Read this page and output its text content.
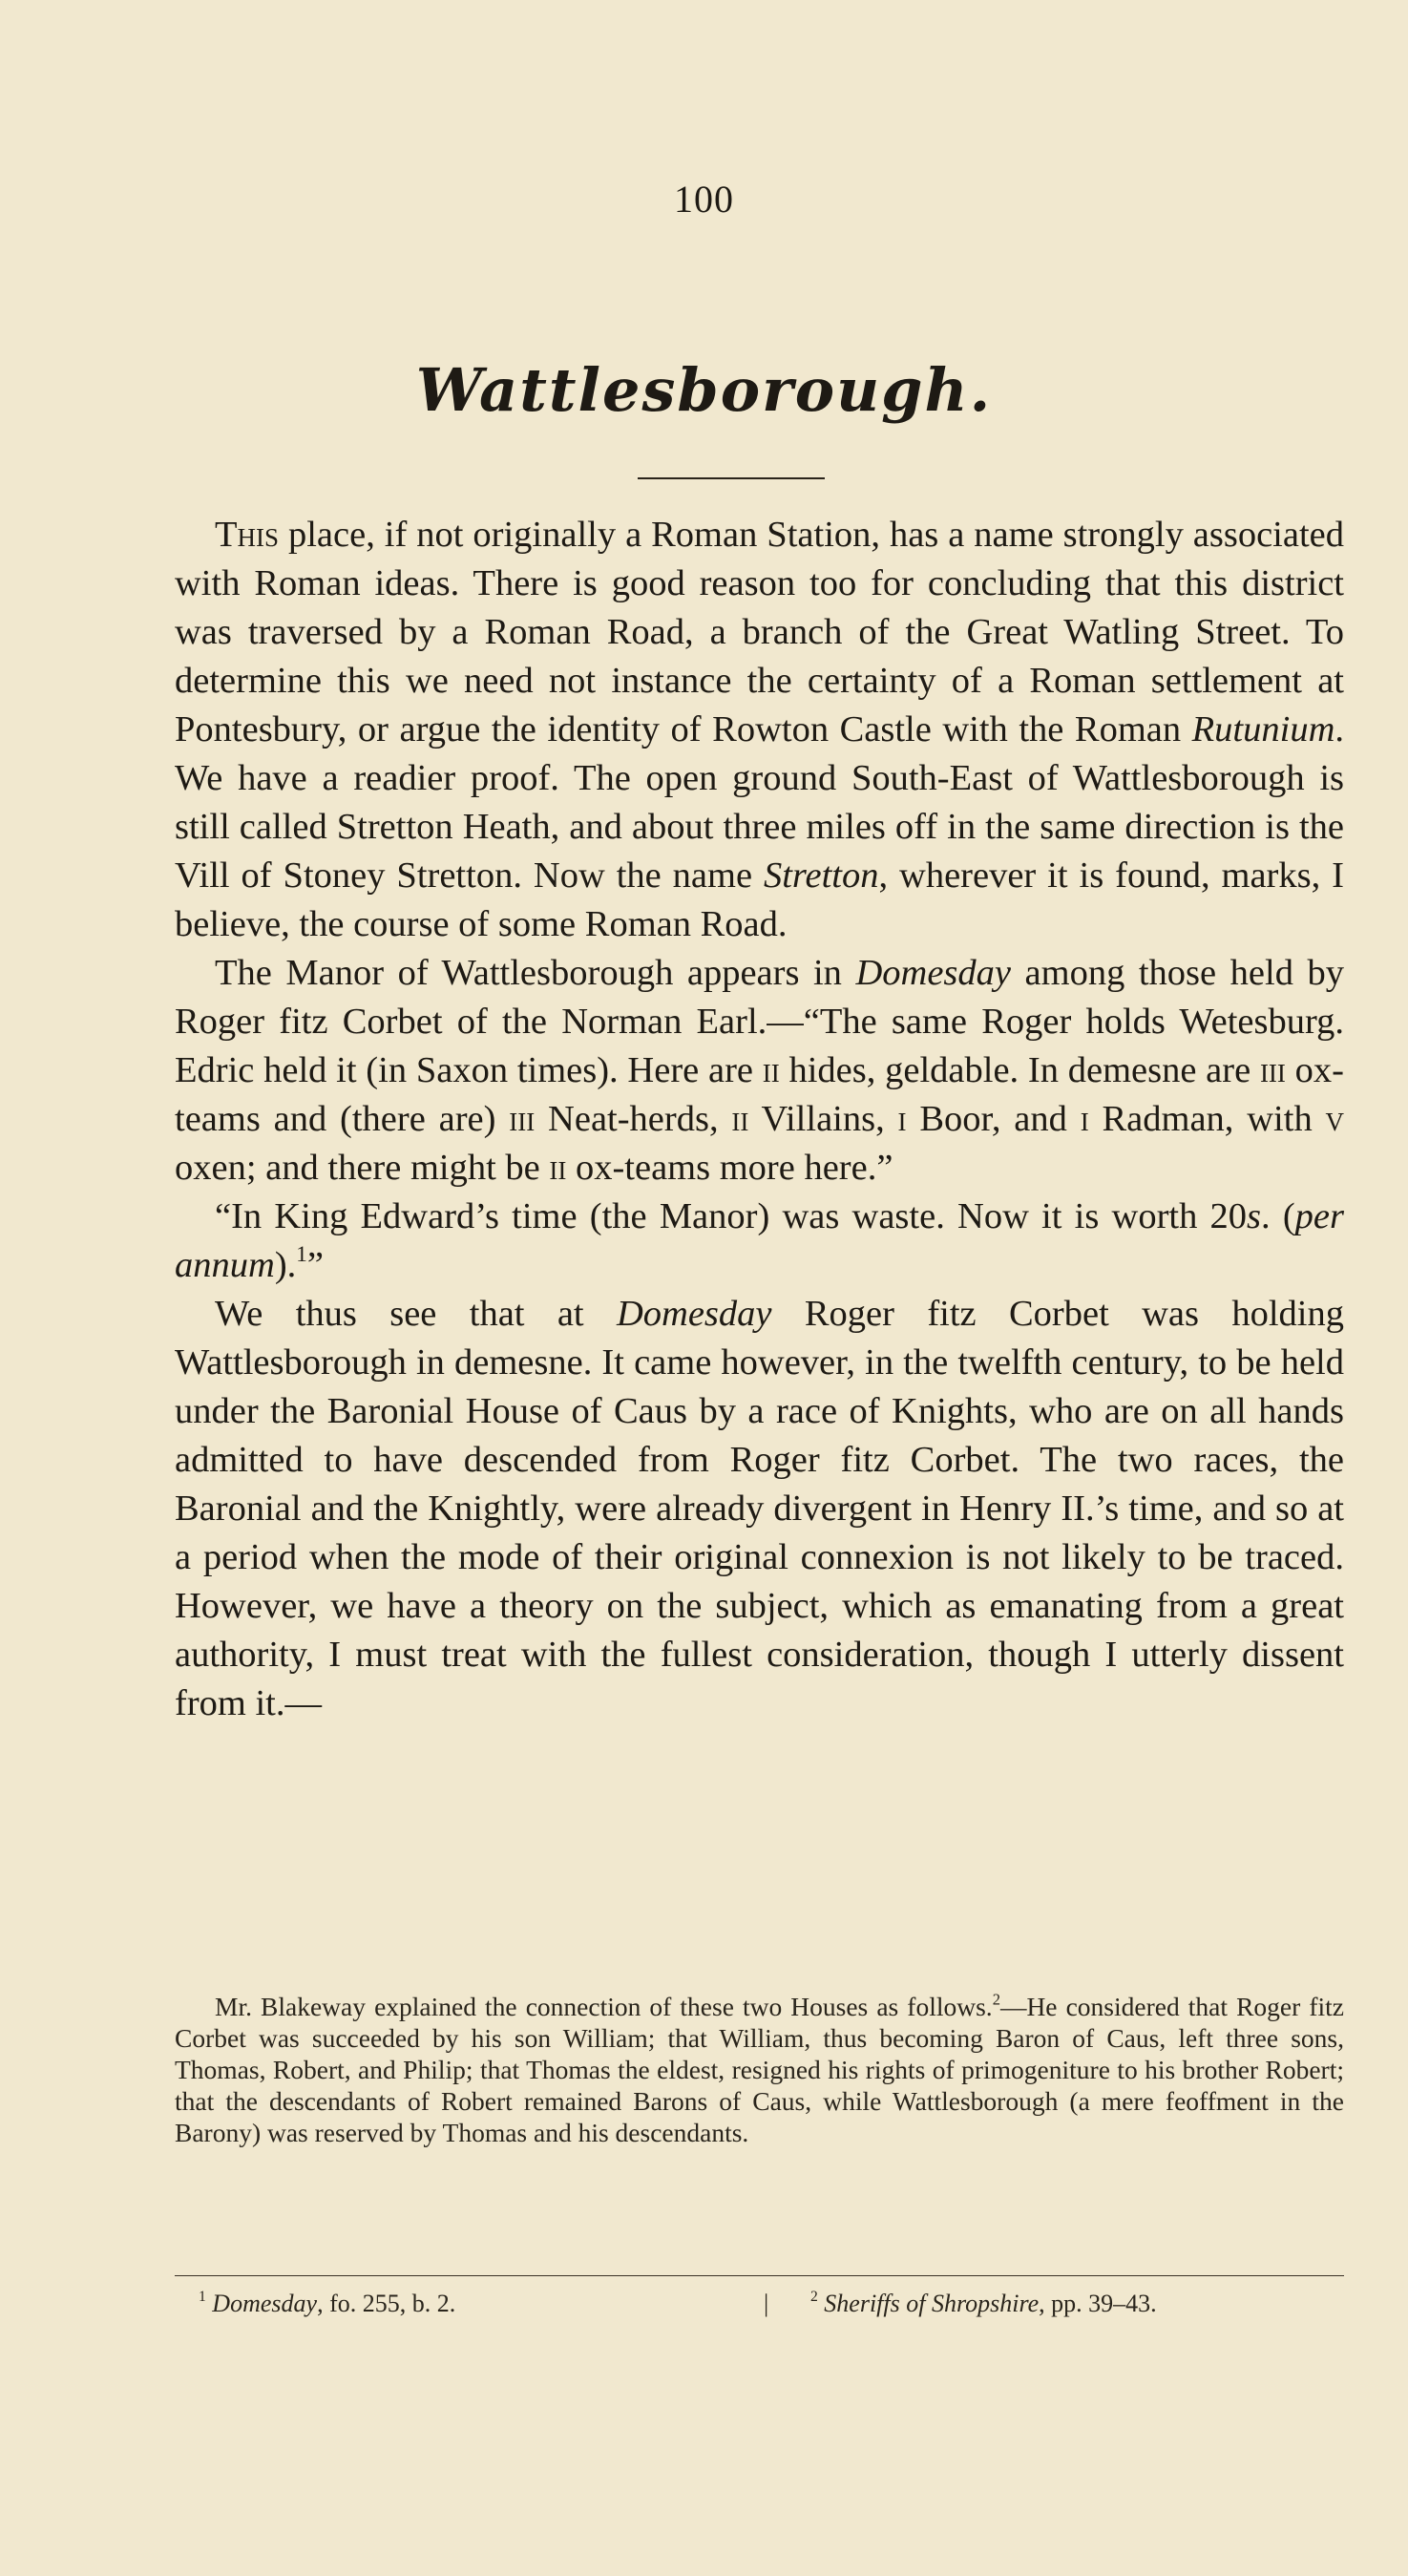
100
Wattlesborough.

This place, if not originally a Roman Station, has a name strongly associated with Roman ideas. There is good reason too for concluding that this district was traversed by a Roman Road, a branch of the Great Watling Street. To determine this we need not instance the certainty of a Roman settlement at Pontesbury, or argue the identity of Rowton Castle with the Roman Rutunium. We have a readier proof. The open ground South-East of Wattlesborough is still called Stretton Heath, and about three miles off in the same direction is the Vill of Stoney Stretton. Now the name Stretton, wherever it is found, marks, I believe, the course of some Roman Road.

The Manor of Wattlesborough appears in Domesday among those held by Roger fitz Corbet of the Norman Earl.—“The same Roger holds Wetesburg. Edric held it (in Saxon times). Here are ii hides, geldable. In demesne are iii ox-teams and (there are) iii Neat-herds, ii Villains, i Boor, and i Radman, with v oxen; and there might be ii ox-teams more here.”

“In King Edward’s time (the Manor) was waste. Now it is worth 20s. (per annum).$^1$”

We thus see that at Domesday Roger fitz Corbet was holding Wattlesborough in demesne. It came however, in the twelfth century, to be held under the Baronial House of Caus by a race of Knights, who are on all hands admitted to have descended from Roger fitz Corbet. The two races, the Baronial and the Knightly, were already divergent in Henry II.’s time, and so at a period when the mode of their original connexion is not likely to be traced. However, we have a theory on the subject, which as emanating from a great authority, I must treat with the fullest consideration, though I utterly dissent from it.—

Mr. Blakeway explained the connection of these two Houses as follows.$^2$—He considered that Roger fitz Corbet was succeeded by his son William; that William, thus becoming Baron of Caus, left three sons, Thomas, Robert, and Philip; that Thomas the eldest, resigned his rights of primogeniture to his brother Robert; that the descendants of Robert remained Barons of Caus, while Wattlesborough (a mere feoffment in the Barony) was reserved by Thomas and his descendants.

$^1$ Domesday, fo. 255, b. 2.	|	$^2$ Sheriffs of Shropshire, pp. 39–43.
